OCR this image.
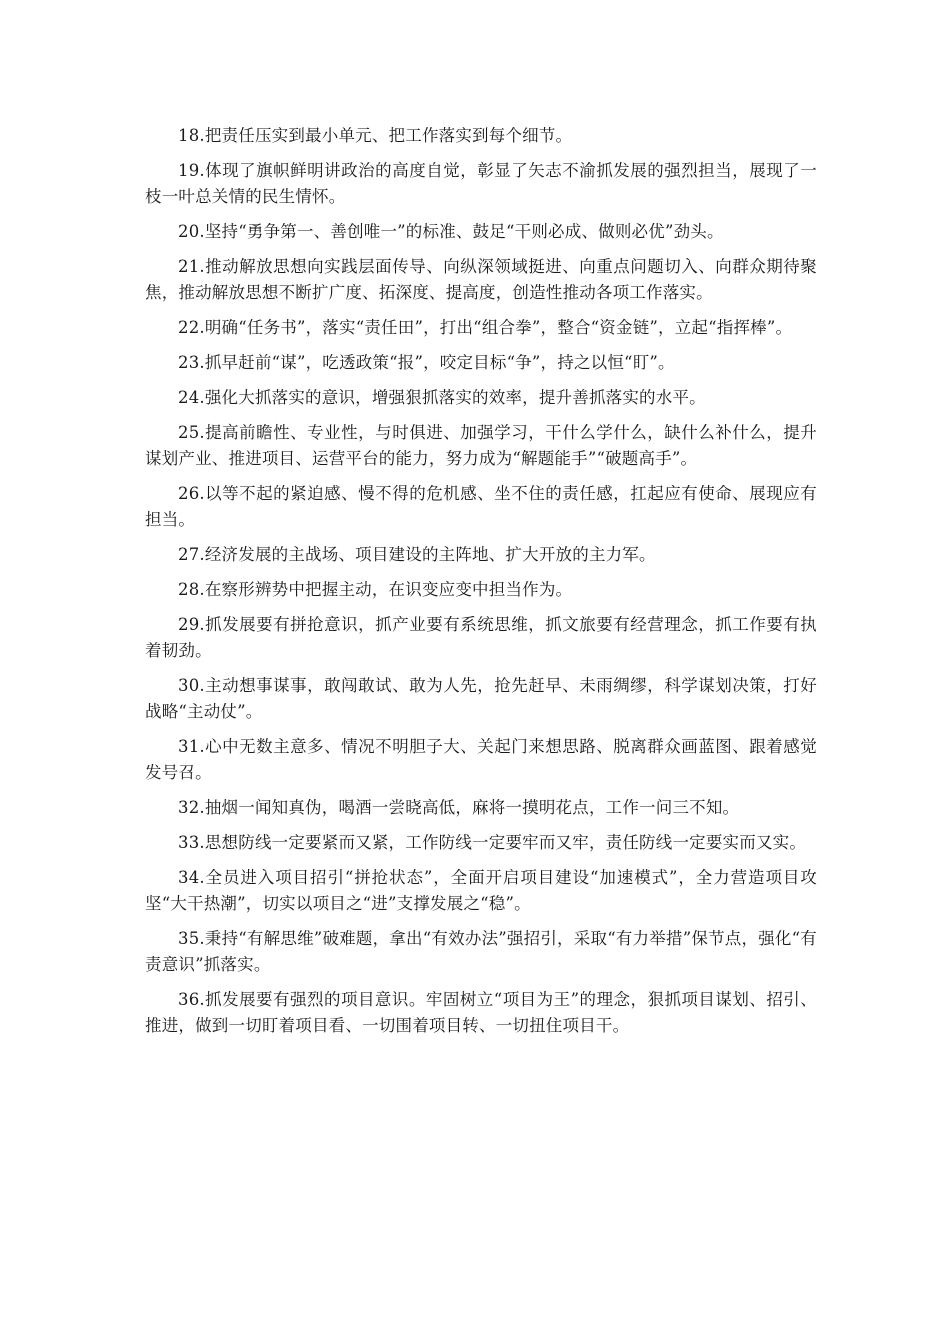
18.把责任压实到最小单元、把工作落实到每个细节。

19.体现了旗帜鲜明讲政治的高度自觉，彰显了矢志不渝抓发展的强烈担当，展现了一枝一叶总关情的民生情怀。

20.坚持“勇争第一、善创唯一”的标准、鼓足“干则必成、做则必优”劲头。

21.推动解放思想向实践层面传导、向纵深领域挺进、向重点问题切入、向群众期待聚焦，推动解放思想不断扩广度、拓深度、提高度，创造性推动各项工作落实。

22.明确“任务书”，落实“责任田”，打出“组合拳”，整合“资金链”，立起“指挥棒”。

23.抓早赶前“谋”，吃透政策“报”，咬定目标“争”，持之以恒“盯”。

24.强化大抓落实的意识，增强狠抓落实的效率，提升善抓落实的水平。

25.提高前瞻性、专业性，与时俱进、加强学习，干什么学什么，缺什么补什么，提升谋划产业、推进项目、运营平台的能力，努力成为“解题能手”“破题高手”。

26.以等不起的紧迫感、慢不得的危机感、坐不住的责任感，扛起应有使命、展现应有担当。

27.经济发展的主战场、项目建设的主阵地、扩大开放的主力军。

28.在察形辨势中把握主动，在识变应变中担当作为。

29.抓发展要有拼抢意识，抓产业要有系统思维，抓文旅要有经营理念，抓工作要有执着韧劲。

30.主动想事谋事，敢闯敢试、敢为人先，抢先赶早、未雨绸缪，科学谋划决策，打好战略“主动仗”。

31.心中无数主意多、情况不明胆子大、关起门来想思路、脱离群众画蓝图、跟着感觉发号召。

32.抽烟一闻知真伪，喝酒一尝晓高低，麻将一摸明花点，工作一问三不知。

33.思想防线一定要紧而又紧，工作防线一定要牢而又牢，责任防线一定要实而又实。

34.全员进入项目招引“拼抢状态”，全面开启项目建设“加速模式”，全力营造项目攻坚“大干热潮”，切实以项目之“进”支撑发展之“稳”。

35.秉持“有解思维”破难题，拿出“有效办法”强招引，采取“有力举措”保节点，强化“有责意识”抓落实。

36.抓发展要有强烈的项目意识。牢固树立“项目为王”的理念，狠抓项目谋划、招引、推进，做到一切盯着项目看、一切围着项目转、一切扭住项目干。
